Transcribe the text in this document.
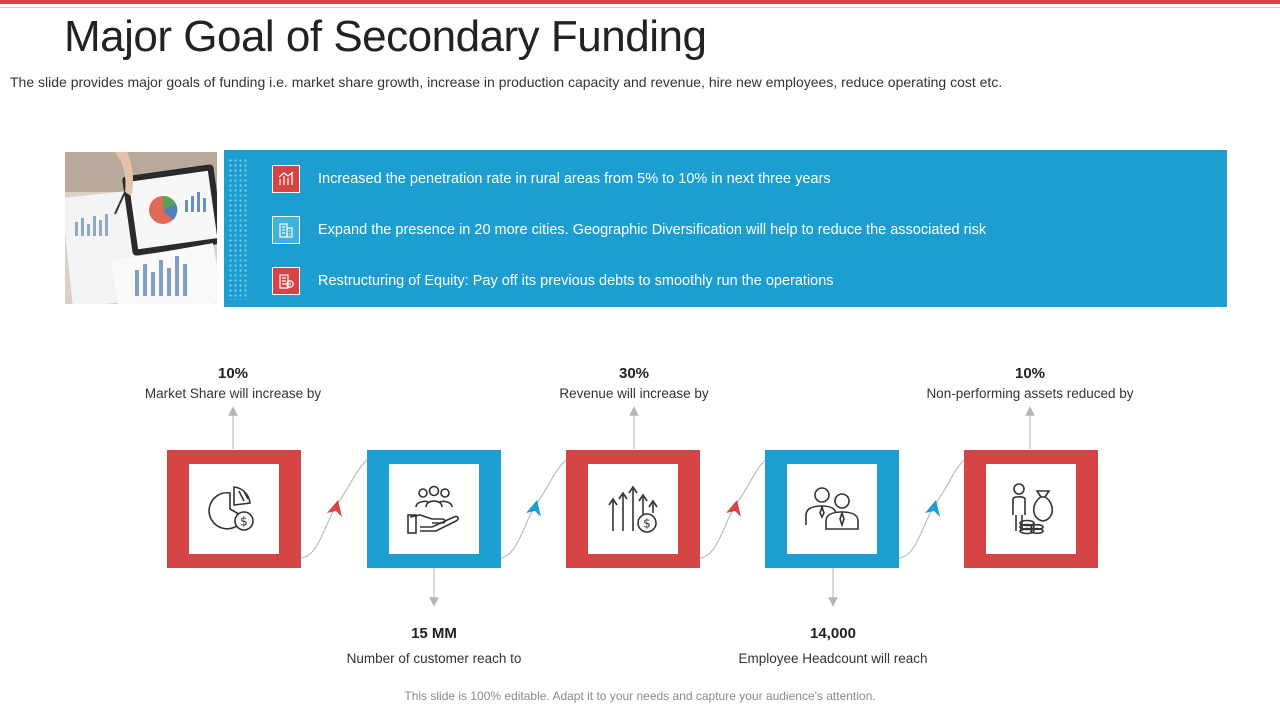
Major Goal of Secondary Funding

The slide provides major goals of funding i.e. market share growth, increase in production capacity and revenue, hire new employees, reduce operating cost etc.

Increased the penetration rate in rural areas from 5% to 10% in next three years
Expand the presence in 20 more cities. Geographic Diversification will help to reduce the associated risk
Restructuring of Equity: Pay off its previous debts to smoothly run the operations
$	$
10%
Market Share will increase by
30%
Revenue will increase by
10%
Non-performing assets reduced by
15 MM
Number of customer reach to
14,000
Employee Headcount will reach
This slide is 100% editable. Adapt it to your needs and capture your audience's attention.
